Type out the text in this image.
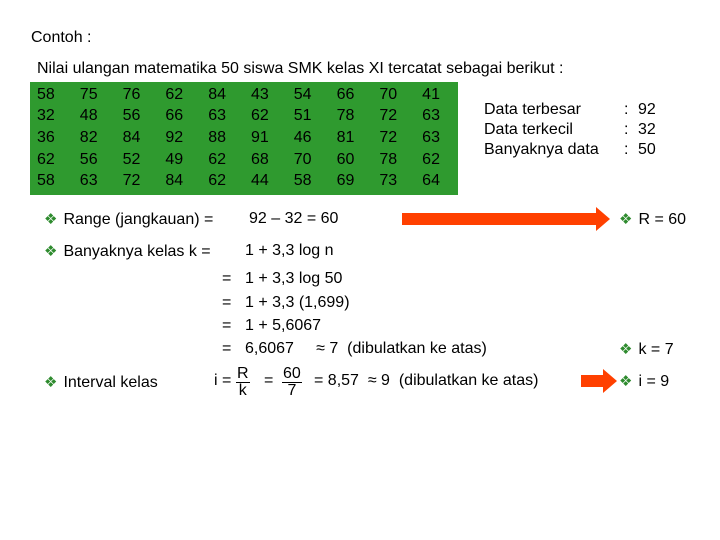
Contoh :
Nilai ulangan matematika 50 siswa SMK kelas XI tercatat sebagai berikut :
58	75	76	62	84	43	54	66	70	41
32	48	56	66	63	62	51	78	72	63
36	82	84	92	88	91	46	81	72	63
62	56	52	49	62	68	70	60	78	62
58	63	72	84	62	44	58	69	73	64
Data terbesar	: 92
Data terkecil	: 32
Banyaknya data	: 50
❖ Range (jangkauan) = 92 – 32 = 60	❖ R = 60
❖ Banyaknya kelas k = 1 + 3,3 log n
= 1 + 3,3 log 50
= 1 + 3,3 (1,699)
= 1 + 5,6067
= 6,6067     ≈ 7  (dibulatkan ke atas)	❖ k = 7
❖ Interval kelas	$i = \frac{R}{k} = \frac{60}{7} = 8,57 \approx 9$  (dibulatkan ke atas)	❖ i = 9
